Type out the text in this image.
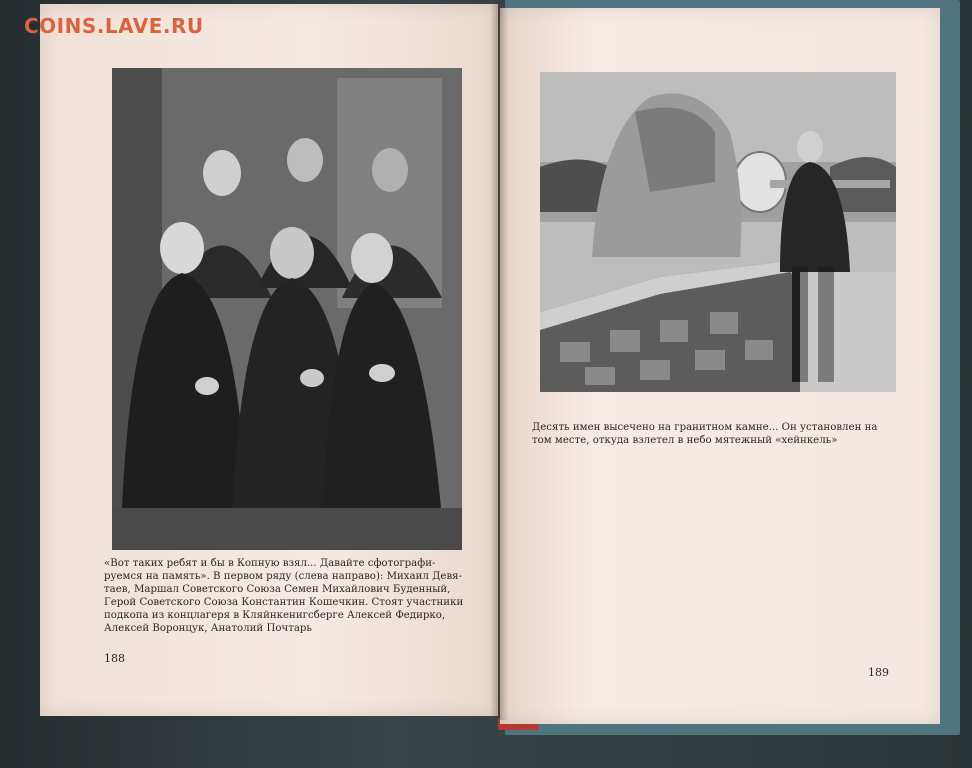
COINS.LAVE.RU
«Вот таких ребят и бы в Копную взял... Давайте сфотографи-
руемся на память». В первом ряду (слева направо): Михаил Девя-
таев, Маршал Советского Союза Семен Михайлович Буденный,
Герой Советского Союза Константин Кошечкин. Стоят участники
подкопа из концлагеря в Кляйнкенигсберге Алексей Федирко,
Алексей Воронцук, Анатолий Почтарь
Десять имен высечено на гранитном камне... Он установлен на
том месте, откуда взлетел в небо мятежный «хейнкель»
188
189
